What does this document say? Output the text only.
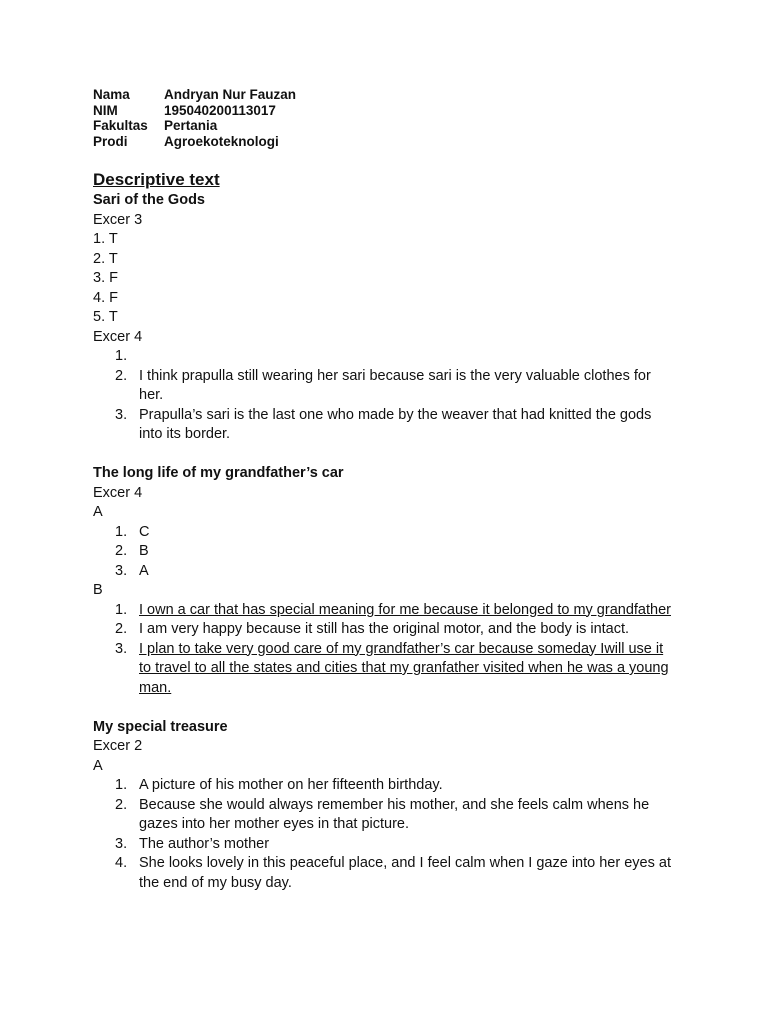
Nama	Andryan Nur Fauzan
NIM	195040200113017
Fakultas	Pertania
Prodi	Agroekoteknologi
Descriptive text
Sari of the Gods
Excer 3
1. T
2. T
3. F
4. F
5. T
Excer 4
1.
2. I think prapulla still wearing her sari because sari is the very valuable clothes for her.
3. Prapulla’s sari is the last one who made by the weaver that had knitted the gods into its border.
The long life of my grandfather’s car
Excer 4
A
1. C
2. B
3. A
B
1. I own a car that has special meaning for me because it belonged to my grandfather
2. I am very happy because it still has the original motor, and the body is intact.
3. I plan to take very good care of my grandfather’s car because someday Iwill use it to travel to all the states and cities that my granfather visited when he was a young man.
My special treasure
Excer 2
A
1. A picture of his mother on her fifteenth birthday.
2. Because she would always remember his mother, and she feels calm whens he gazes into her mother eyes in that picture.
3. The author’s mother
4. She looks lovely in this peaceful place, and I feel calm when I gaze into her eyes at the end of my busy day.
